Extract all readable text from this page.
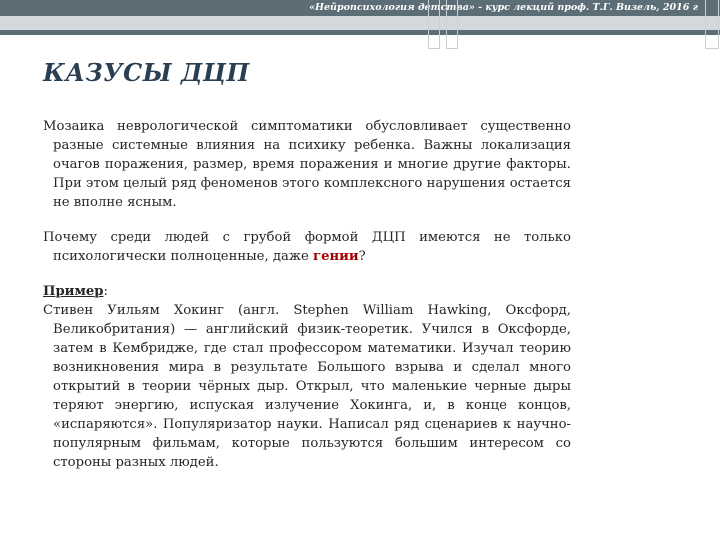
«Нейропсихология детства» - курс лекций проф. Т.Г. Визель, 2016 г
КАЗУСЫ ДЦП

Мозаика неврологической симптоматики обусловливает существенно разные системные влияния на психику ребенка. Важны локализация очагов поражения, размер, время поражения и многие другие факторы. При этом целый ряд феноменов этого комплексного нарушения остается не вполне ясным.

Почему среди людей с грубой формой ДЦП имеются не только психологически полноценные, даже гении?

Пример:

Стивен Уильям Хокинг (англ. Stephen William Hawking, Оксфорд, Великобритания) — английский физик-теоретик. Учился в Оксфорде, затем в Кембридже, где стал профессором математики. Изучал теорию возникновения мира в результате Большого взрыва и сделал много открытий в теории чёрных дыр. Открыл, что маленькие черные дыры теряют энергию, испуская излучение Хокинга, и, в конце концов, «испаряются». Популяризатор науки. Написал ряд сценариев к научно-популярным фильмам, которые пользуются большим интересом со стороны разных людей.
